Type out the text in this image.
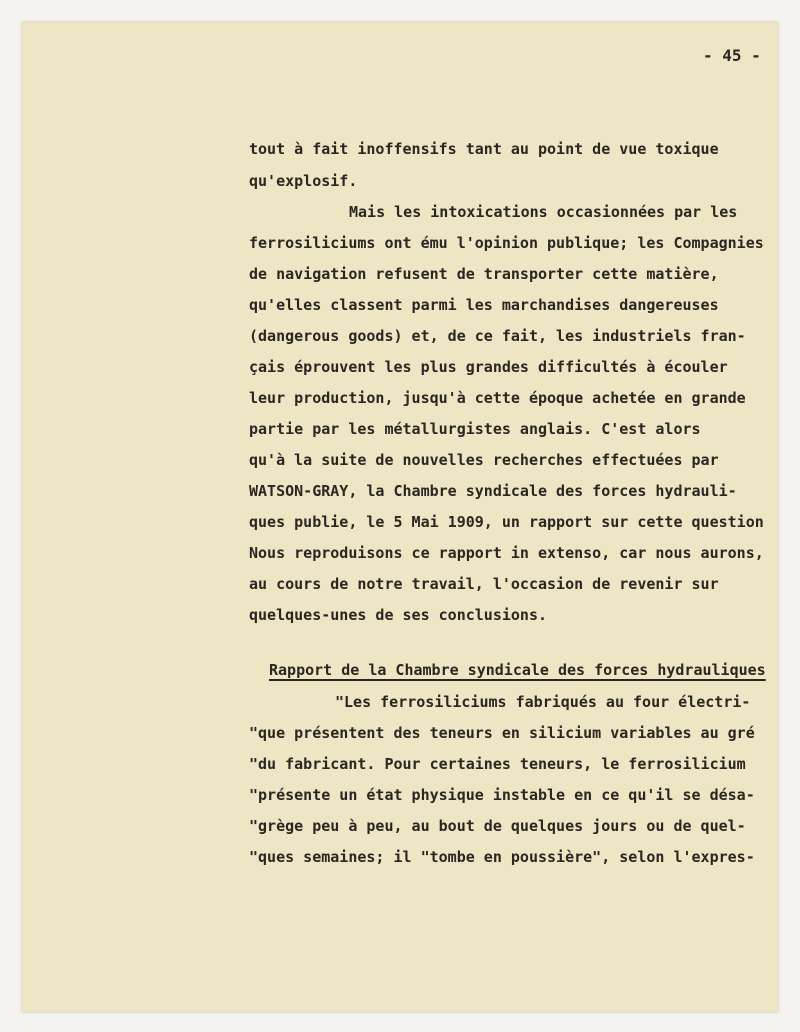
- 45 -
tout à fait inoffensifs tant au point de vue toxique
qu'explosif.
Mais les intoxications occasionnées par les
ferrosiliciums ont ému l'opinion publique; les Compagnies
de navigation refusent de transporter cette matière,
qu'elles classent parmi les marchandises dangereuses
(dangerous goods) et, de ce fait, les industriels fran-
çais éprouvent les plus grandes difficultés à écouler
leur production, jusqu'à cette époque achetée en grande
partie par les métallurgistes anglais. C'est alors
qu'à la suite de nouvelles recherches effectuées par
WATSON-GRAY, la Chambre syndicale des forces hydrauli-
ques publie, le 5 Mai 1909, un rapport sur cette question
Nous reproduisons ce rapport in extenso, car nous aurons,
au cours de notre travail, l'occasion de revenir sur
quelques-unes de ses conclusions.
Rapport de la Chambre syndicale des forces hydrauliques
"Les ferrosiliciums fabriqués au four électri-
"que présentent des teneurs en silicium variables au gré
"du fabricant. Pour certaines teneurs, le ferrosilicium
"présente un état physique instable en ce qu'il se désa-
"grège peu à peu, au bout de quelques jours ou de quel-
"ques semaines; il "tombe en poussière", selon l'expres-
